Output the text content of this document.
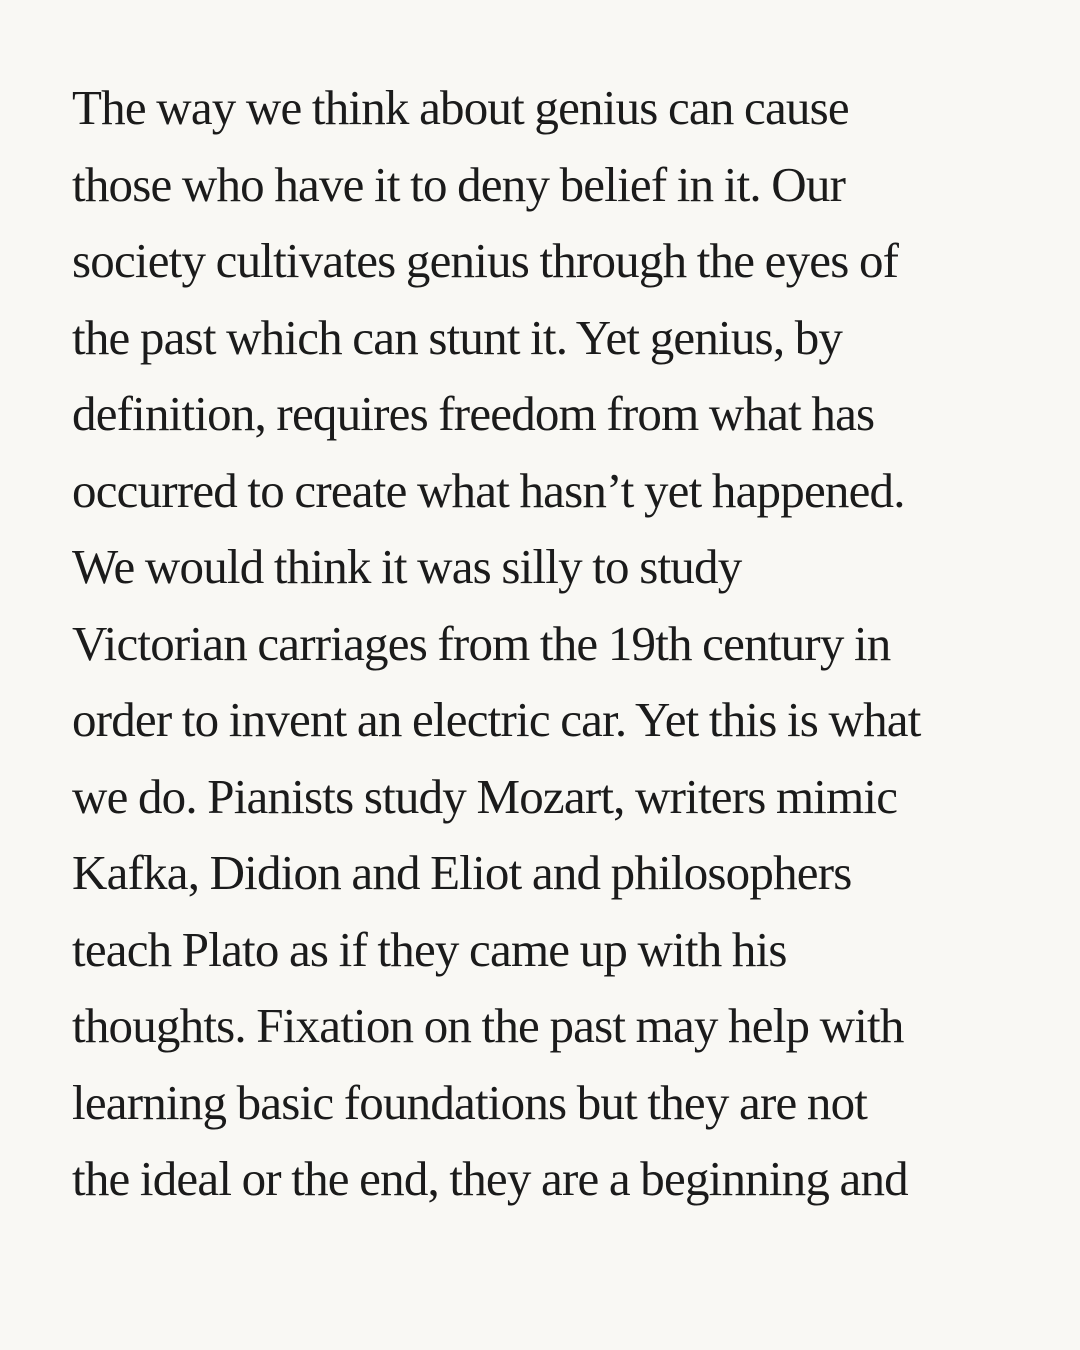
The way we think about genius can cause
those who have it to deny belief in it. Our
society cultivates genius through the eyes of
the past which can stunt it. Yet genius, by
definition, requires freedom from what has
occurred to create what hasn’t yet happened.
We would think it was silly to study
Victorian carriages from the 19th century in
order to invent an electric car. Yet this is what
we do. Pianists study Mozart, writers mimic
Kafka, Didion and Eliot and philosophers
teach Plato as if they came up with his
thoughts. Fixation on the past may help with
learning basic foundations but they are not
the ideal or the end, they are a beginning and
